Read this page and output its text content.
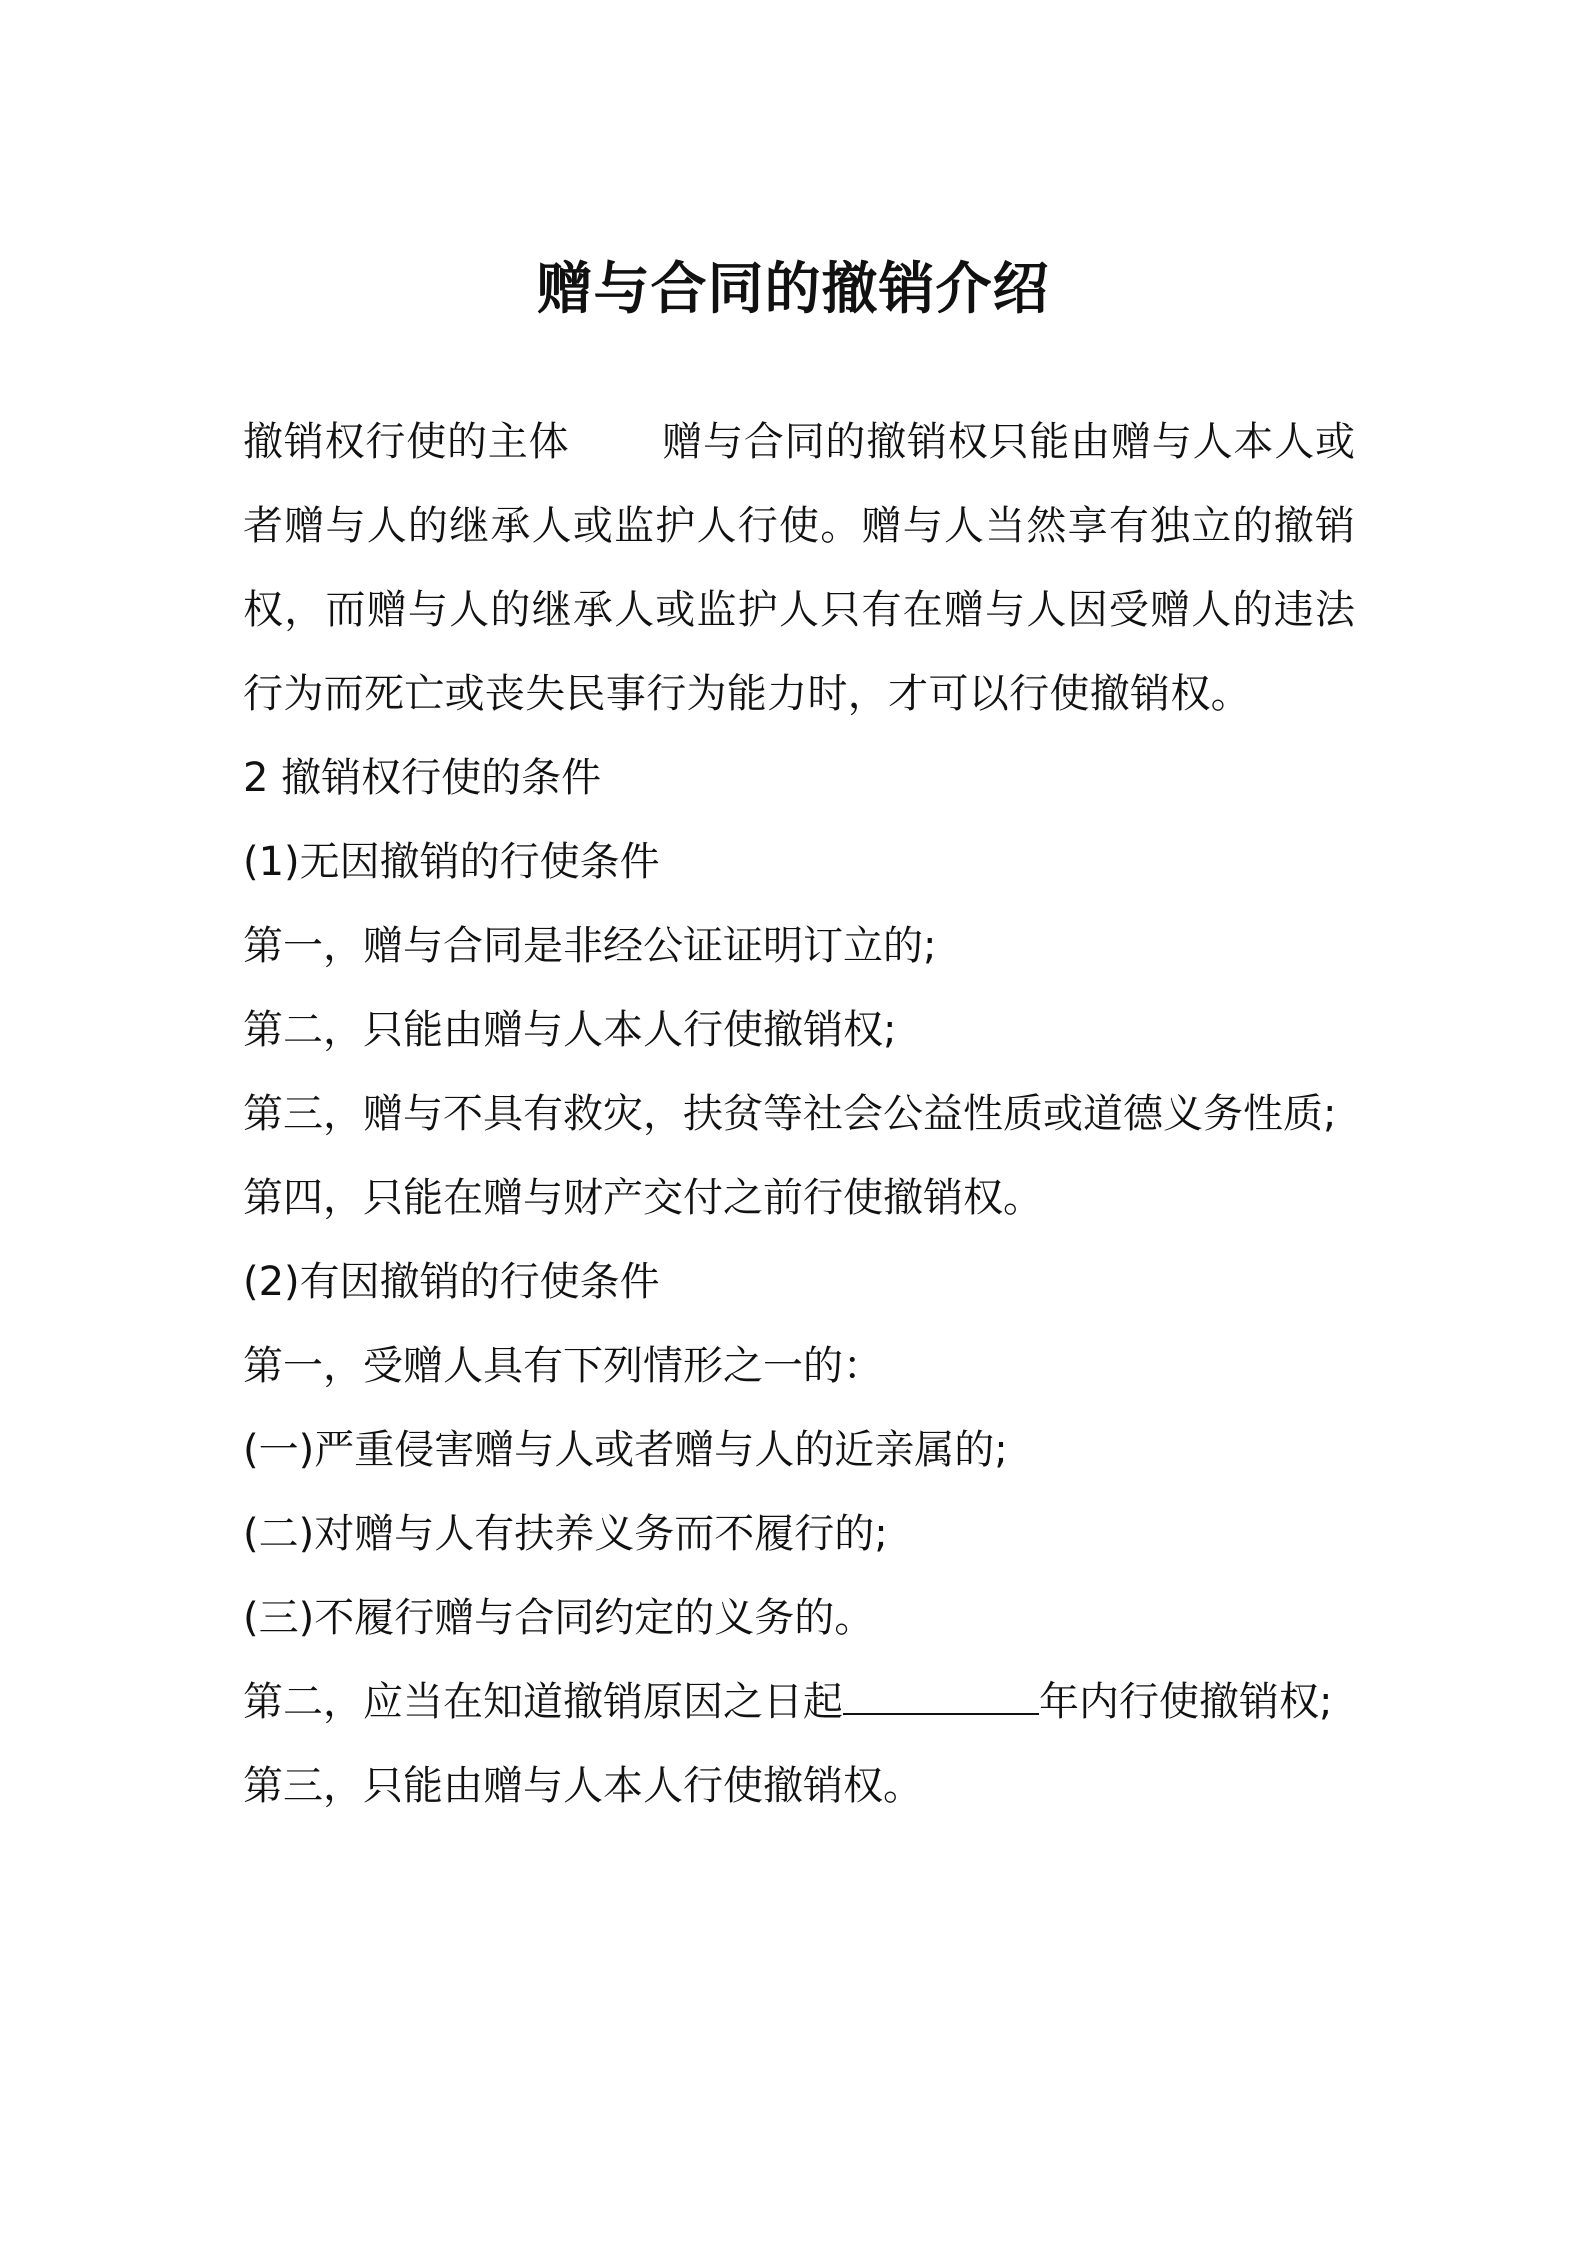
赠与合同的撤销介绍

撤销权行使的主体 赠与合同的撤销权只能由赠与人本人或者赠与人的继承人或监护人行使。赠与人当然享有独立的撤销权，而赠与人的继承人或监护人只有在赠与人因受赠人的违法行为而死亡或丧失民事行为能力时，才可以行使撤销权。2 撤销权行使的条件

(1)无因撤销的行使条件

第一，赠与合同是非经公证证明订立的;

第二，只能由赠与人本人行使撤销权;

第三，赠与不具有救灾，扶贫等社会公益性质或道德义务性质;

第四，只能在赠与财产交付之前行使撤销权。

(2)有因撤销的行使条件

第一，受赠人具有下列情形之一的：

(一)严重侵害赠与人或者赠与人的近亲属的;

(二)对赠与人有扶养义务而不履行的;

(三)不履行赠与合同约定的义务的。

第二，应当在知道撤销原因之日起	年内行使撤销权;

第三，只能由赠与人本人行使撤销权。
